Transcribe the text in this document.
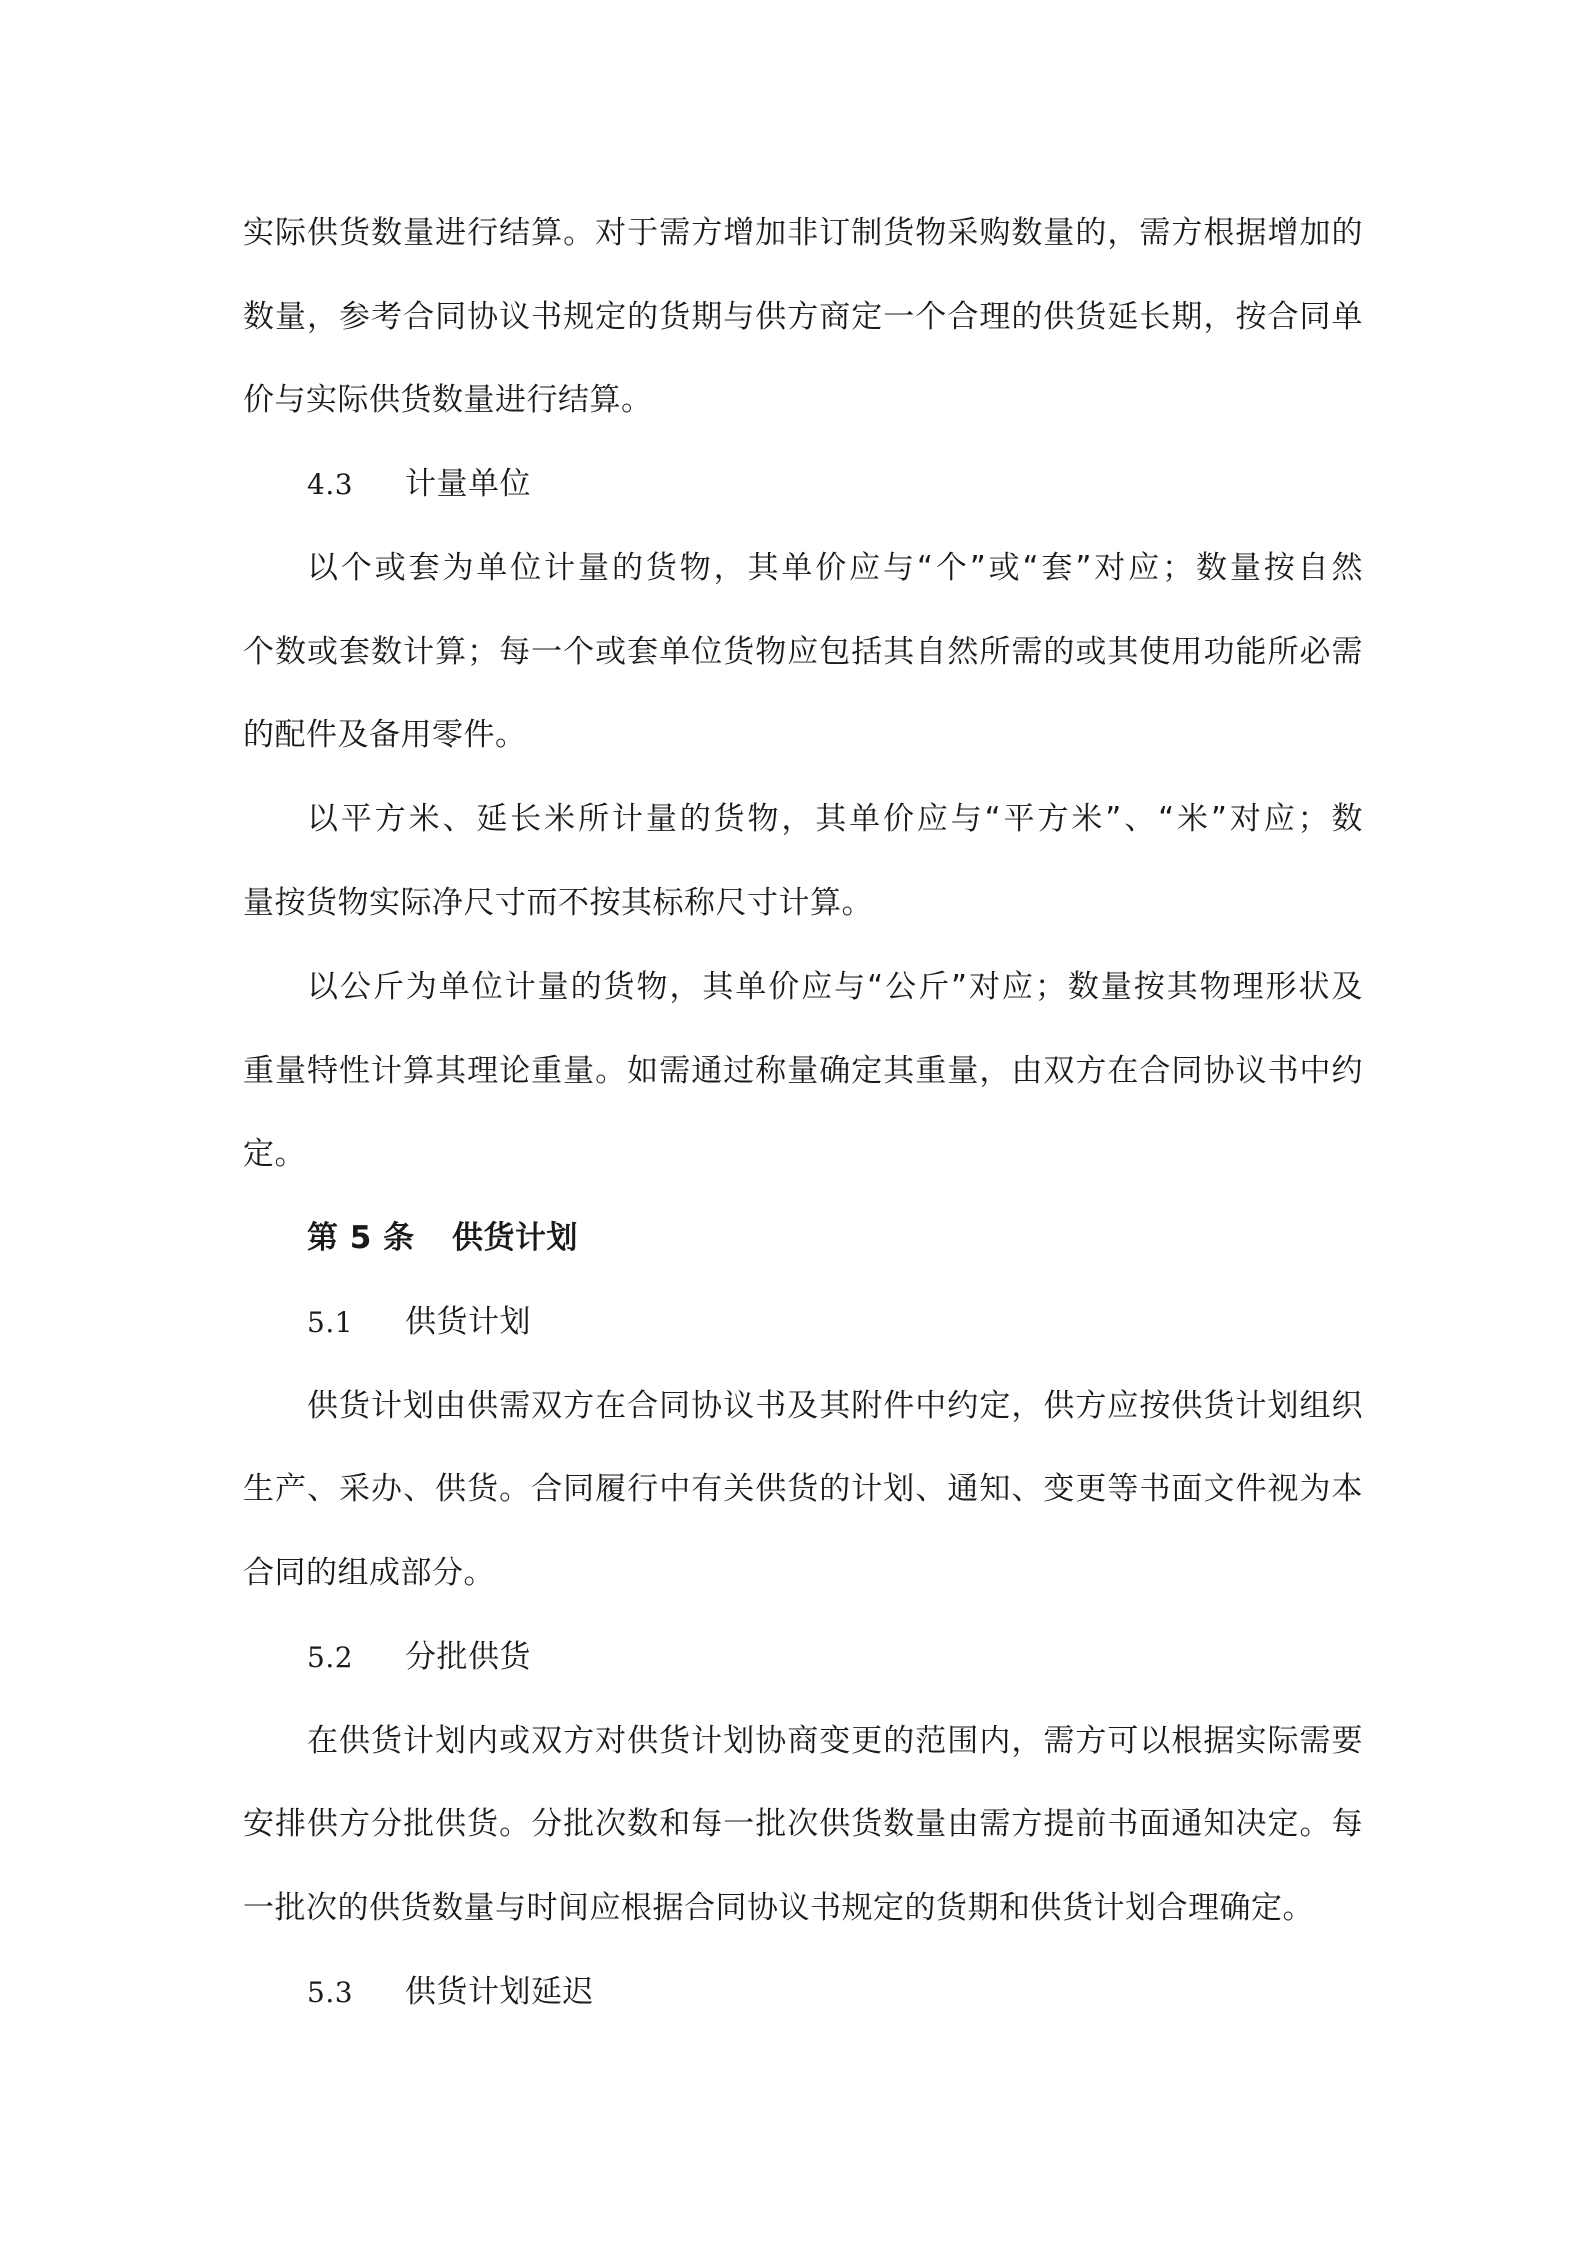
实际供货数量进行结算。对于需方增加非订制货物采购数量的，需方根据增加的
数量，参考合同协议书规定的货期与供方商定一个合理的供货延长期，按合同单
价与实际供货数量进行结算。
4.3 计量单位
以个或套为单位计量的货物，其单价应与“个”或“套”对应；数量按自然
个数或套数计算；每一个或套单位货物应包括其自然所需的或其使用功能所必需
的配件及备用零件。
以平方米、延长米所计量的货物，其单价应与“平方米”、“米”对应；数
量按货物实际净尺寸而不按其标称尺寸计算。
以公斤为单位计量的货物，其单价应与“公斤”对应；数量按其物理形状及
重量特性计算其理论重量。如需通过称量确定其重量，由双方在合同协议书中约
定。
第 5 条 供货计划
5.1 供货计划
供货计划由供需双方在合同协议书及其附件中约定，供方应按供货计划组织
生产、采办、供货。合同履行中有关供货的计划、通知、变更等书面文件视为本
合同的组成部分。
5.2 分批供货
在供货计划内或双方对供货计划协商变更的范围内，需方可以根据实际需要
安排供方分批供货。分批次数和每一批次供货数量由需方提前书面通知决定。每
一批次的供货数量与时间应根据合同协议书规定的货期和供货计划合理确定。
5.3 供货计划延迟
